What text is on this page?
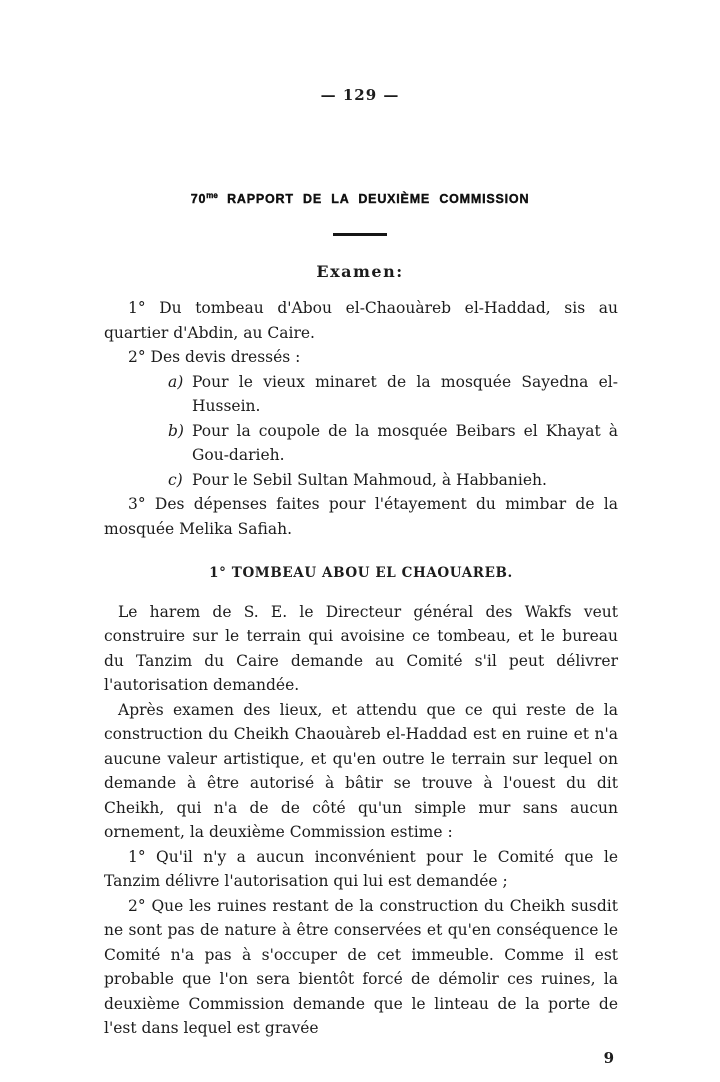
— 129 —
$70^{me}$ RAPPORT DE LA DEUXIÈME COMMISSION
Examen:

1° Du tombeau d'Abou el-Chaouàreb el-Haddad, sis au quartier d'Abdin, au Caire.

2° Des devis dressés :

a) Pour le vieux minaret de la mosquée Sayedna el-Hussein.
b) Pour la coupole de la mosquée Beibars el Khayat à Gou-darieh.
c) Pour le Sebil Sultan Mahmoud, à Habbanieh.

3° Des dépenses faites pour l'étayement du mimbar de la mosquée Melika Safiah.

1° TOMBEAU ABOU EL CHAOUAREB.

Le harem de S. E. le Directeur général des Wakfs veut construire sur le terrain qui avoisine ce tombeau, et le bureau du Tanzim du Caire demande au Comité s'il peut délivrer l'autorisation demandée.

Après examen des lieux, et attendu que ce qui reste de la construction du Cheikh Chaouàreb el-Haddad est en ruine et n'a aucune valeur artistique, et qu'en outre le terrain sur lequel on demande à être autorisé à bâtir se trouve à l'ouest du dit Cheikh, qui n'a de de côté qu'un simple mur sans aucun ornement, la deuxième Commission estime :

1° Qu'il n'y a aucun inconvénient pour le Comité que le Tanzim délivre l'autorisation qui lui est demandée ;

2° Que les ruines restant de la construction du Cheikh susdit ne sont pas de nature à être conservées et qu'en conséquence le Comité n'a pas à s'occuper de cet immeuble. Comme il est probable que l'on sera bientôt forcé de démolir ces ruines, la deuxième Commission demande que le linteau de la porte de l'est dans lequel est gravée

9
